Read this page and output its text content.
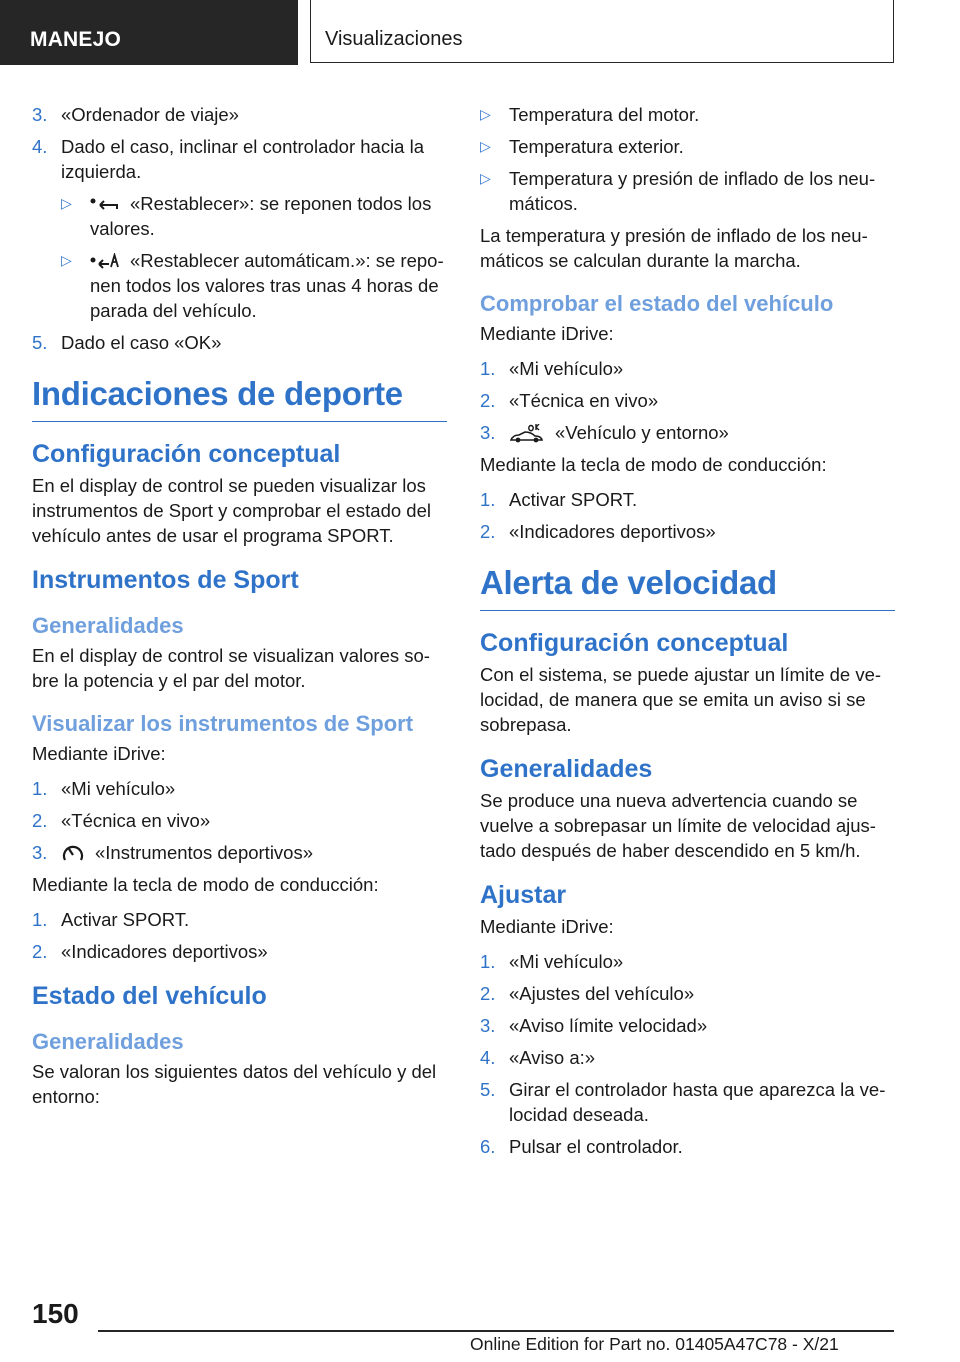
MANEJO	Visualizaciones
3. «Ordenador de viaje»
4. Dado el caso, inclinar el controlador hacia la izquierda.
▷	«Restablecer»: se reponen todos los valores.
▷	«Restablecer automáticam.»: se reponen todos los valores tras unas 4 horas de parada del vehículo.
5. Dado el caso «OK»
Indicaciones de deporte
Configuración conceptual

En el display de control se pueden visualizar los instrumentos de Sport y comprobar el estado del vehículo antes de usar el programa SPORT.

Instrumentos de Sport
Generalidades

En el display de control se visualizan valores sobre la potencia y el par del motor.

Visualizar los instrumentos de Sport

Mediante iDrive:

1. «Mi vehículo»
2. «Técnica en vivo»
3.	«Instrumentos deportivos»

Mediante la tecla de modo de conducción:

1. Activar SPORT.
2. «Indicadores deportivos»
Estado del vehículo
Generalidades

Se valoran los siguientes datos del vehículo y del entorno:

▷ Temperatura del motor.
▷ Temperatura exterior.
▷ Temperatura y presión de inflado de los neumáticos.

La temperatura y presión de inflado de los neumáticos se calculan durante la marcha.

Comprobar el estado del vehículo

Mediante iDrive:

1. «Mi vehículo»
2. «Técnica en vivo»
3.	«Vehículo y entorno»

Mediante la tecla de modo de conducción:

1. Activar SPORT.
2. «Indicadores deportivos»
Alerta de velocidad
Configuración conceptual

Con el sistema, se puede ajustar un límite de velocidad, de manera que se emita un aviso si se sobrepasa.

Generalidades

Se produce una nueva advertencia cuando se vuelve a sobrepasar un límite de velocidad ajustado después de haber descendido en 5 km/h.

Ajustar

Mediante iDrive:

1. «Mi vehículo»
2. «Ajustes del vehículo»
3. «Aviso límite velocidad»
4. «Aviso a:»
5. Girar el controlador hasta que aparezca la velocidad deseada.
6. Pulsar el controlador.
150
Online Edition for Part no. 01405A47C78 - X/21
